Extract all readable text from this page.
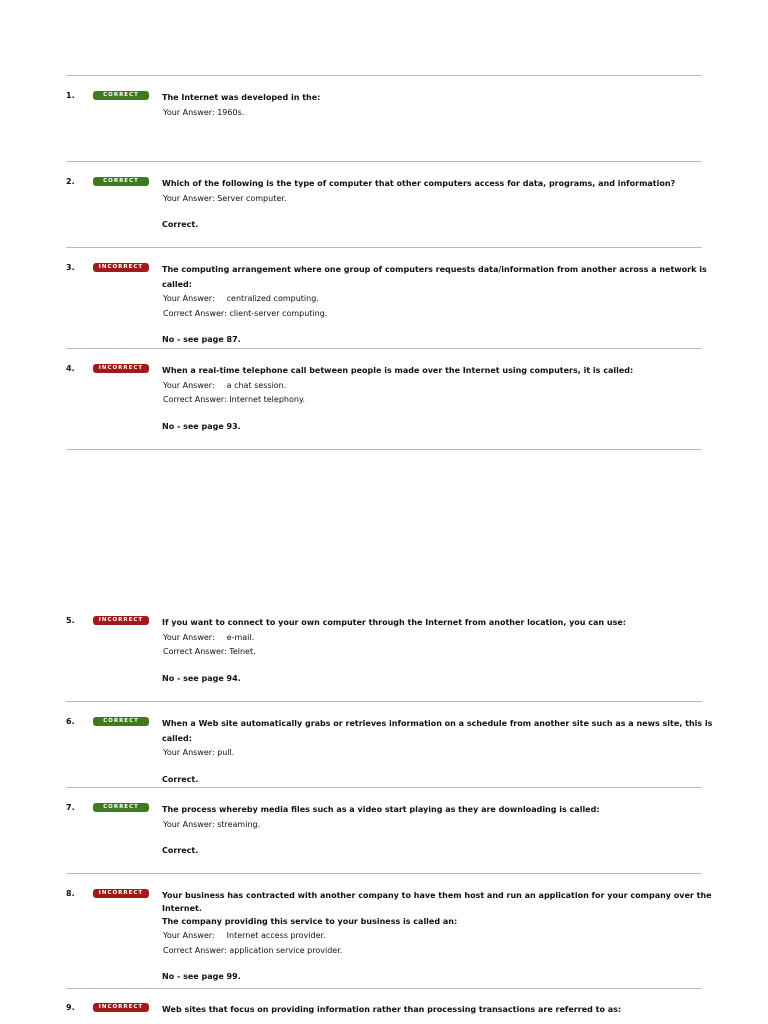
1.	CORRECT	The Internet was developed in the:
Your Answer: 1960s.
2.	CORRECT	Which of the following is the type of computer that other computers access for data, programs, and information?
Your Answer: Server computer.
Correct.
3.	INCORRECT	The computing arrangement where one group of computers requests data/information from another across a network is called:
Your Answer: centralized computing.
Correct Answer: client-server computing.
No - see page 87.
4.	INCORRECT	When a real-time telephone call between people is made over the Internet using computers, it is called:
Your Answer: a chat session.
Correct Answer: Internet telephony.
No - see page 93.
5.	INCORRECT	If you want to connect to your own computer through the Internet from another location, you can use:
Your Answer: e-mail.
Correct Answer: Telnet.
No - see page 94.
6.	CORRECT	When a Web site automatically grabs or retrieves information on a schedule from another site such as a news site, this is called:
Your Answer: pull.
Correct.
7.	CORRECT	The process whereby media files such as a video start playing as they are downloading is called:
Your Answer: streaming.
Correct.
8.	INCORRECT	Your business has contracted with another company to have them host and run an application for your company over the Internet.
The company providing this service to your business is called an:
Your Answer: Internet access provider.
Correct Answer: application service provider.
No - see page 99.
9.	INCORRECT	Web sites that focus on providing information rather than processing transactions are referred to as:
